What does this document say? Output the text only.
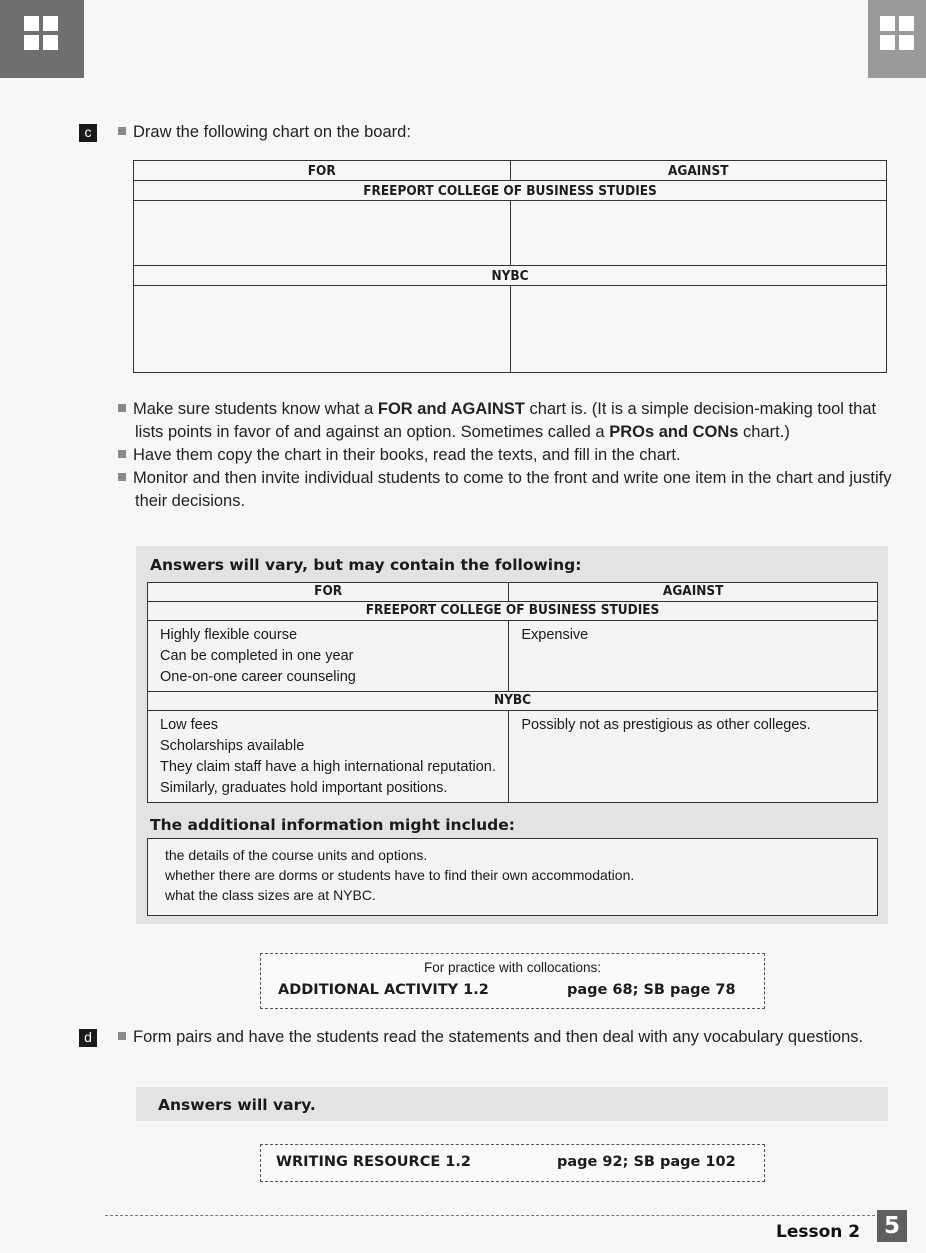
c	Draw the following chart on the board:
FOR	AGAINST
FREEPORT COLLEGE OF BUSINESS STUDIES	

NYBC	

Make sure students know what a FOR and AGAINST chart is. (It is a simple decision-making tool that lists points in favor of and against an option. Sometimes called a PROs and CONs chart.)
Have them copy the chart in their books, read the texts, and fill in the chart.
Monitor and then invite individual students to come to the front and write one item in the chart and justify their decisions.
Answers will vary, but may contain the following:
FOR	AGAINST
FREEPORT COLLEGE OF BUSINESS STUDIES	

Highly flexible course
Can be completed in one year
One-on-one career counseling	Expensive

NYBC	

Low fees
Scholarships available
They claim staff have a high international reputation.
Similarly, graduates hold important positions.	Possibly not as prestigious as other colleges.
The additional information might include:
the details of the course units and options.
whether there are dorms or students have to find their own accommodation.
what the class sizes are at NYBC.
For practice with collocations:
ADDITIONAL ACTIVITY 1.2	page 68; SB page 78
d	Form pairs and have the students read the statements and then deal with any vocabulary questions.
Answers will vary.
WRITING RESOURCE 1.2	page 92; SB page 102
Lesson 2	5
